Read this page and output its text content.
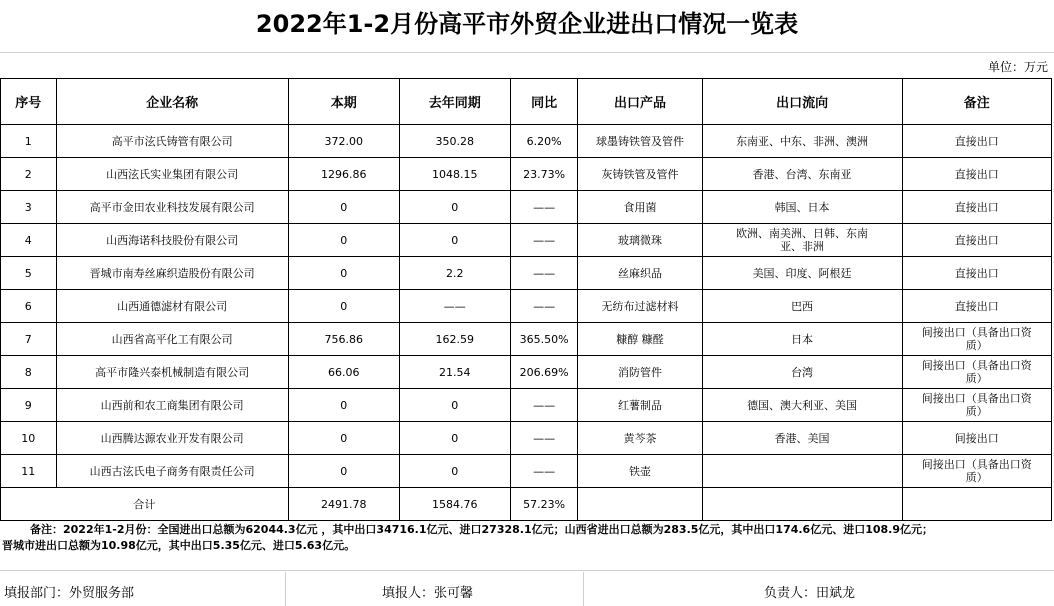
2022年1-2月份高平市外贸企业进出口情况一览表
单位：万元
序号	企业名称	本期	去年同期	同比	出口产品	出口流向	备注
1	高平市泫氏铸管有限公司	372.00	350.28	6.20%	球墨铸铁管及管件	东南亚、中东、非洲、澳洲	直接出口
2	山西泫氏实业集团有限公司	1296.86	1048.15	23.73%	灰铸铁管及管件	香港、台湾、东南亚	直接出口
3	高平市金田农业科技发展有限公司	0	0	——	食用菌	韩国、日本	直接出口
4	山西海诺科技股份有限公司	0	0	——	玻璃微珠	欧洲、南美洲、日韩、东南亚、非洲	直接出口
5	晋城市南寿丝麻织造股份有限公司	0	2.2	——	丝麻织品	美国、印度、阿根廷	直接出口
6	山西通德滤材有限公司	0	——	——	无纺布过滤材料	巴西	直接出口
7	山西省高平化工有限公司	756.86	162.59	365.50%	糠醇 糠醛	日本	间接出口（具备出口资质）
8	高平市隆兴泰机械制造有限公司	66.06	21.54	206.69%	消防管件	台湾	间接出口（具备出口资质）
9	山西前和农工商集团有限公司	0	0	——	红薯制品	德国、澳大利亚、美国	间接出口（具备出口资质）
10	山西腾达源农业开发有限公司	0	0	——	黄芩茶	香港、美国	间接出口
11	山西古泫氏电子商务有限责任公司	0	0	——	铁壶		间接出口（具备出口资质）
合计		2491.78	1584.76	57.23%			
备注：2022年1-2月份：全国进出口总额为62044.3亿元 ，其中出口34716.1亿元、进口27328.1亿元；山西省进出口总额为283.5亿元，其中出口174.6亿元、进口108.9亿元；
晋城市进出口总额为10.98亿元，其中出口5.35亿元、进口5.63亿元。
填报部门：外贸服务部	填报人：张可馨	负责人：田斌龙
